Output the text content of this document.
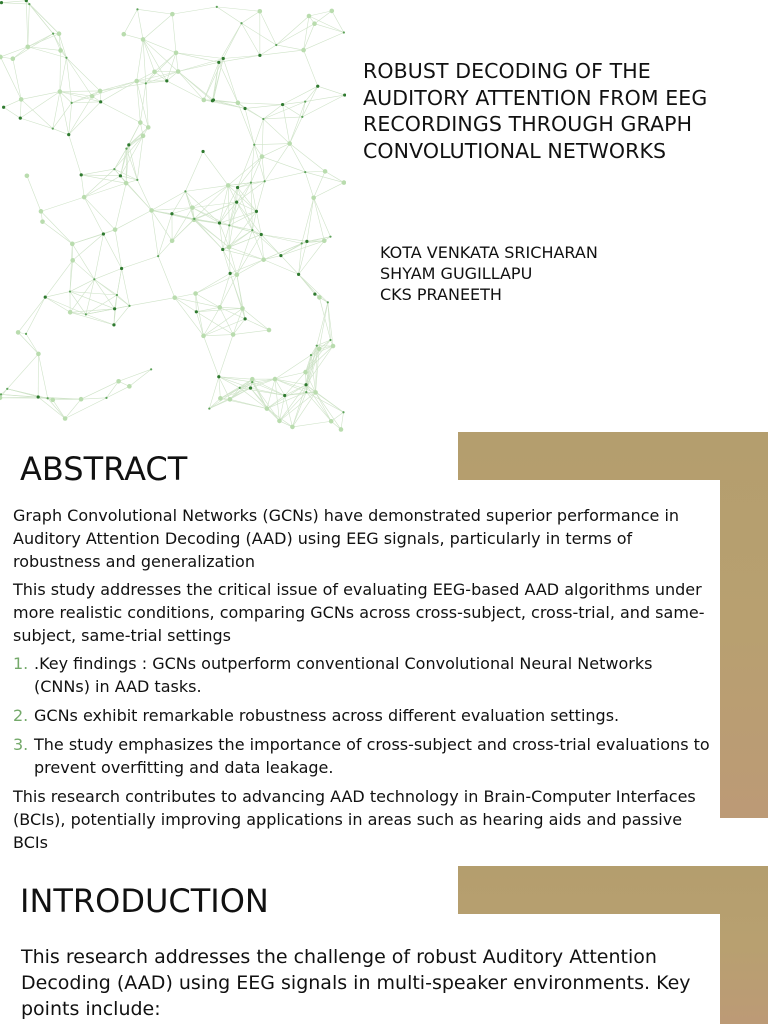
ROBUST DECODING OF THE AUDITORY ATTENTION FROM EEG RECORDINGS THROUGH GRAPH CONVOLUTIONAL NETWORKS
KOTA VENKATA SRICHARAN
SHYAM GUGILLAPU
CKS PRANEETH
ABSTRACT

Graph Convolutional Networks (GCNs) have demonstrated superior performance in Auditory Attention Decoding (AAD) using EEG signals, particularly in terms of robustness and generalization

This study addresses the critical issue of evaluating EEG-based AAD algorithms under more realistic conditions, comparing GCNs across cross-subject, cross-trial, and same-subject, same-trial settings

1. .Key findings : GCNs outperform conventional Convolutional Neural Networks (CNNs) in AAD tasks.
2. GCNs exhibit remarkable robustness across different evaluation settings.
3. The study emphasizes the importance of cross-subject and cross-trial evaluations to prevent overfitting and data leakage.

This research contributes to advancing AAD technology in Brain-Computer Interfaces (BCIs), potentially improving applications in areas such as hearing aids and passive BCIs

INTRODUCTION
This research addresses the challenge of robust Auditory Attention Decoding (AAD) using EEG signals in multi-speaker environments. Key points include:
